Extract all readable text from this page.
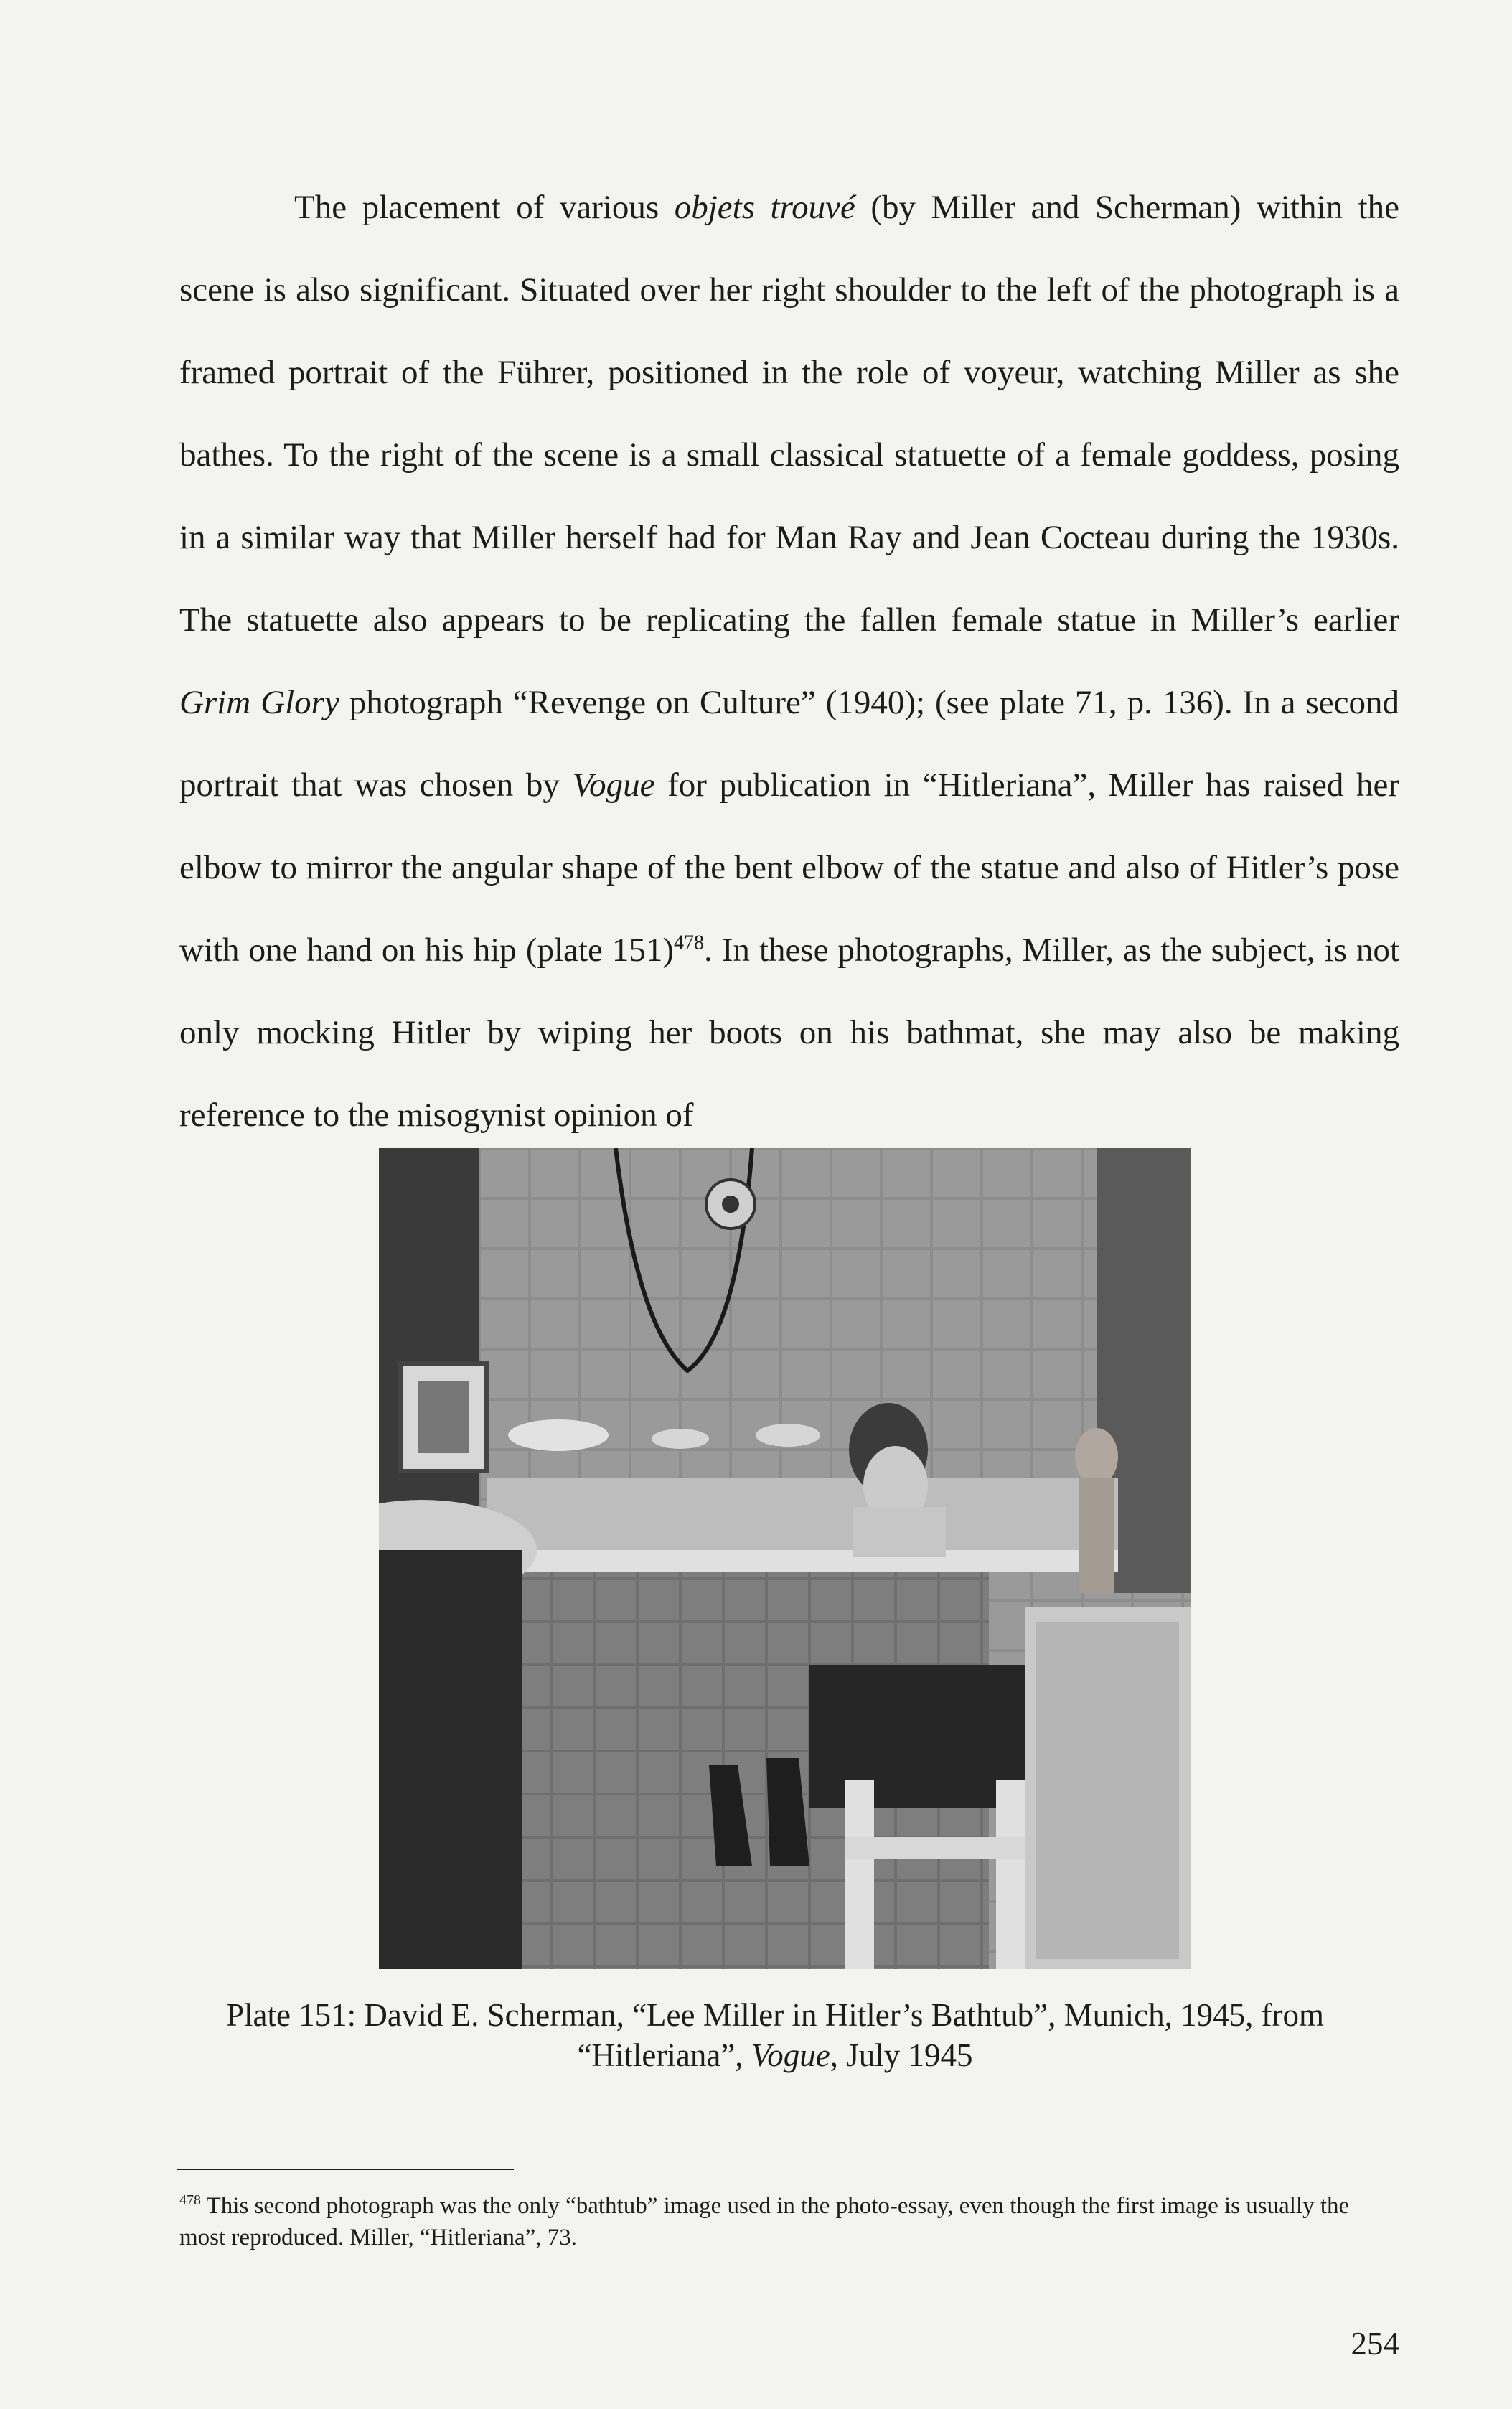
The placement of various objets trouvé (by Miller and Scherman) within the scene is also significant. Situated over her right shoulder to the left of the photograph is a framed portrait of the Führer, positioned in the role of voyeur, watching Miller as she bathes. To the right of the scene is a small classical statuette of a female goddess, posing in a similar way that Miller herself had for Man Ray and Jean Cocteau during the 1930s. The statuette also appears to be replicating the fallen female statue in Miller’s earlier Grim Glory photograph “Revenge on Culture” (1940); (see plate 71, p. 136). In a second portrait that was chosen by Vogue for publication in “Hitleriana”, Miller has raised her elbow to mirror the angular shape of the bent elbow of the statue and also of Hitler’s pose with one hand on his hip (plate 151)$^{478}$. In these photographs, Miller, as the subject, is not only mocking Hitler by wiping her boots on his bathmat, she may also be making reference to the misogynist opinion of

Plate 151: David E. Scherman, “Lee Miller in Hitler’s Bathtub”, Munich, 1945, from “Hitleriana”, Vogue, July 1945
$^{478}$ This second photograph was the only “bathtub” image used in the photo-essay, even though the first image is usually the most reproduced. Miller, “Hitleriana”, 73.
254
